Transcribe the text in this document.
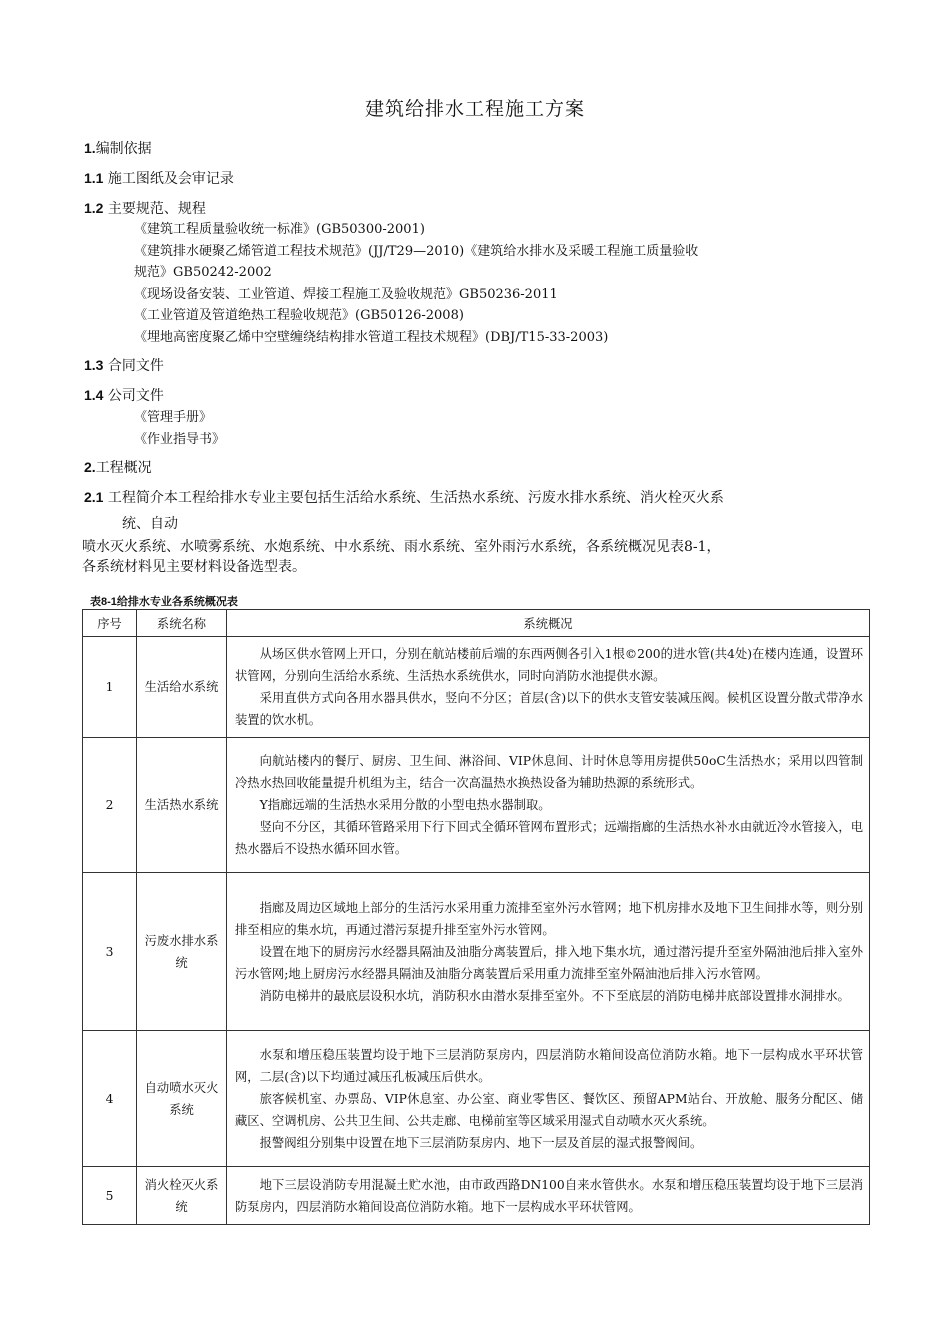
建筑给排水工程施工方案
1.编制依据
1.1 施工图纸及会审记录
1.2 主要规范、规程
《建筑工程质量验收统一标准》(GB50300-2001)
《建筑排水硬聚乙烯管道工程技术规范》(JJ/T29—2010)《建筑给水排水及采暖工程施工质量验收
规范》GB50242-2002
《现场设备安装、工业管道、焊接工程施工及验收规范》GB50236-2011
《工业管道及管道绝热工程验收规范》(GB50126-2008)
《埋地高密度聚乙烯中空壁缠绕结构排水管道工程技术规程》(DBJ/T15-33-2003)
1.3 合同文件
1.4 公司文件
《管理手册》
《作业指导书》
2.工程概况
2.1 工程简介本工程给排水专业主要包括生活给水系统、生活热水系统、污废水排水系统、消火栓灭火系
统、自动
喷水灭火系统、水喷雾系统、水炮系统、中水系统、雨水系统、室外雨污水系统，各系统概况见表8-1，
各系统材料见主要材料设备选型表。
表8-1给排水专业各系统概况表
序号	系统名称	系统概况
1	生活给水系统	从场区供水管网上开口，分别在航站楼前后端的东西两侧各引入1根©200的进水管(共4处)在楼内连通，设置环状管网，分别向生活给水系统、生活热水系统供水，同时向消防水池提供水源。

采用直供方式向各用水器具供水，竖向不分区；首层(含)以下的供水支管安装减压阀。候机区设置分散式带净水装置的饮水机。

2	生活热水系统	向航站楼内的餐厅、厨房、卫生间、淋浴间、VIP休息间、计时休息等用房提供50oC生活热水；采用以四管制冷热水热回收能量提升机组为主，结合一次高温热水换热设备为辅助热源的系统形式。

Y指廊远端的生活热水采用分散的小型电热水器制取。

竖向不分区，其循环管路采用下行下回式全循环管网布置形式；远端指廊的生活热水补水由就近冷水管接入，电热水器后不设热水循环回水管。

3	污废水排水系统	指廊及周边区域地上部分的生活污水采用重力流排至室外污水管网；地下机房排水及地下卫生间排水等，则分别排至相应的集水坑，再通过潜污泵提升排至室外污水管网。

设置在地下的厨房污水经器具隔油及油脂分离装置后，排入地下集水坑，通过潜污提升至室外隔油池后排入室外污水管网;地上厨房污水经器具隔油及油脂分离装置后采用重力流排至室外隔油池后排入污水管网。

消防电梯井的最底层设积水坑，消防积水由潜水泵排至室外。不下至底层的消防电梯井底部设置排水洞排水。

4	自动喷水灭火系统	水泵和增压稳压装置均设于地下三层消防泵房内，四层消防水箱间设高位消防水箱。地下一层构成水平环状管网，二层(含)以下均通过减压孔板减压后供水。

旅客候机室、办票岛、VIP休息室、办公室、商业零售区、餐饮区、预留APM站台、开放舱、服务分配区、储藏区、空调机房、公共卫生间、公共走廊、电梯前室等区域采用湿式自动喷水灭火系统。

报警阀组分别集中设置在地下三层消防泵房内、地下一层及首层的湿式报警阀间。

5	消火栓灭火系统	地下三层设消防专用混凝土贮水池，由市政西路DN100自来水管供水。水泵和增压稳压装置均设于地下三层消防泵房内，四层消防水箱间设高位消防水箱。地下一层构成水平环状管网。
